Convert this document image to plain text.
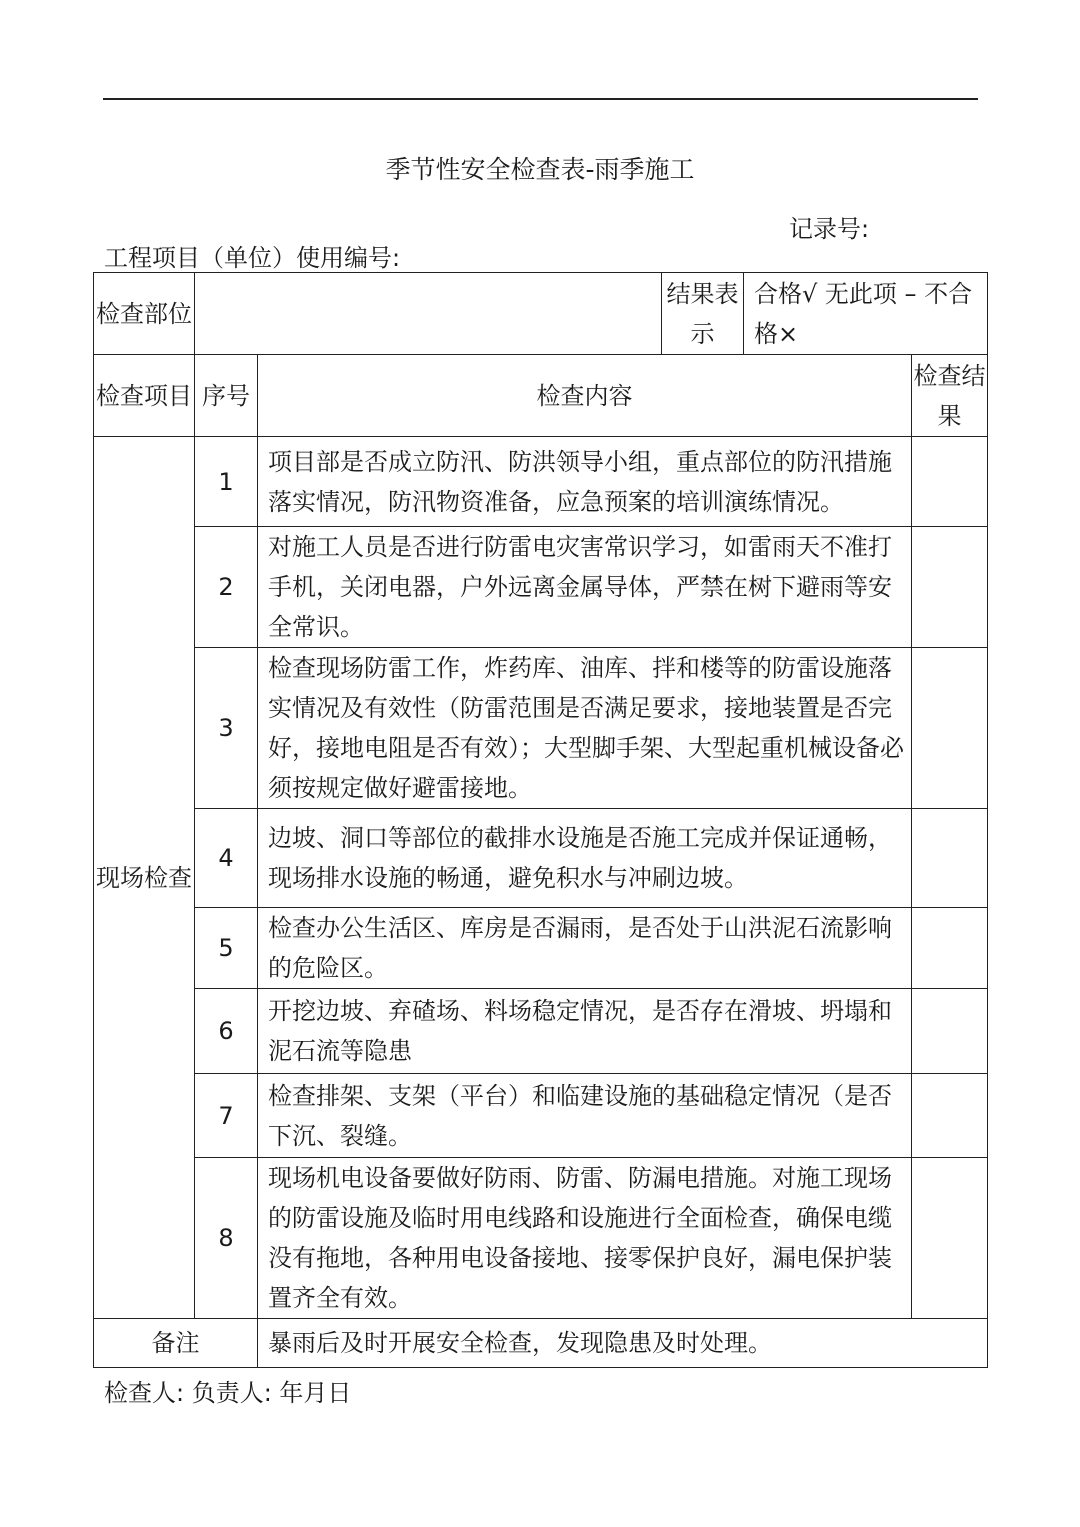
季节性安全检查表-雨季施工
记录号:
工程项目（单位）使用编号:
检查部位			结果表示	合格√ 无此项 – 不合格×	
检查项目	序号	检查内容			检查结果
现场检查	1	项目部是否成立防汛、防洪领导小组，重点部位的防汛措施落实情况，防汛物资准备，应急预案的培训演练情况。			
	2	对施工人员是否进行防雷电灾害常识学习，如雷雨天不准打手机，关闭电器，户外远离金属导体，严禁在树下避雨等安全常识。			
	3	检查现场防雷工作，炸药库、油库、拌和楼等的防雷设施落实情况及有效性（防雷范围是否满足要求，接地装置是否完好，接地电阻是否有效）；大型脚手架、大型起重机械设备必须按规定做好避雷接地。			
	4	边坡、洞口等部位的截排水设施是否施工完成并保证通畅，现场排水设施的畅通，避免积水与冲刷边坡。			
	5	检查办公生活区、库房是否漏雨，是否处于山洪泥石流影响的危险区。			
	6	开挖边坡、弃碴场、料场稳定情况，是否存在滑坡、坍塌和泥石流等隐患			
	7	检查排架、支架（平台）和临建设施的基础稳定情况（是否下沉、裂缝。			
	8	现场机电设备要做好防雨、防雷、防漏电措施。对施工现场的防雷设施及临时用电线路和设施进行全面检查，确保电缆没有拖地，各种用电设备接地、接零保护良好，漏电保护装置齐全有效。			
备注		暴雨后及时开展安全检查，发现隐患及时处理。			
检查人: 负责人: 年月日
